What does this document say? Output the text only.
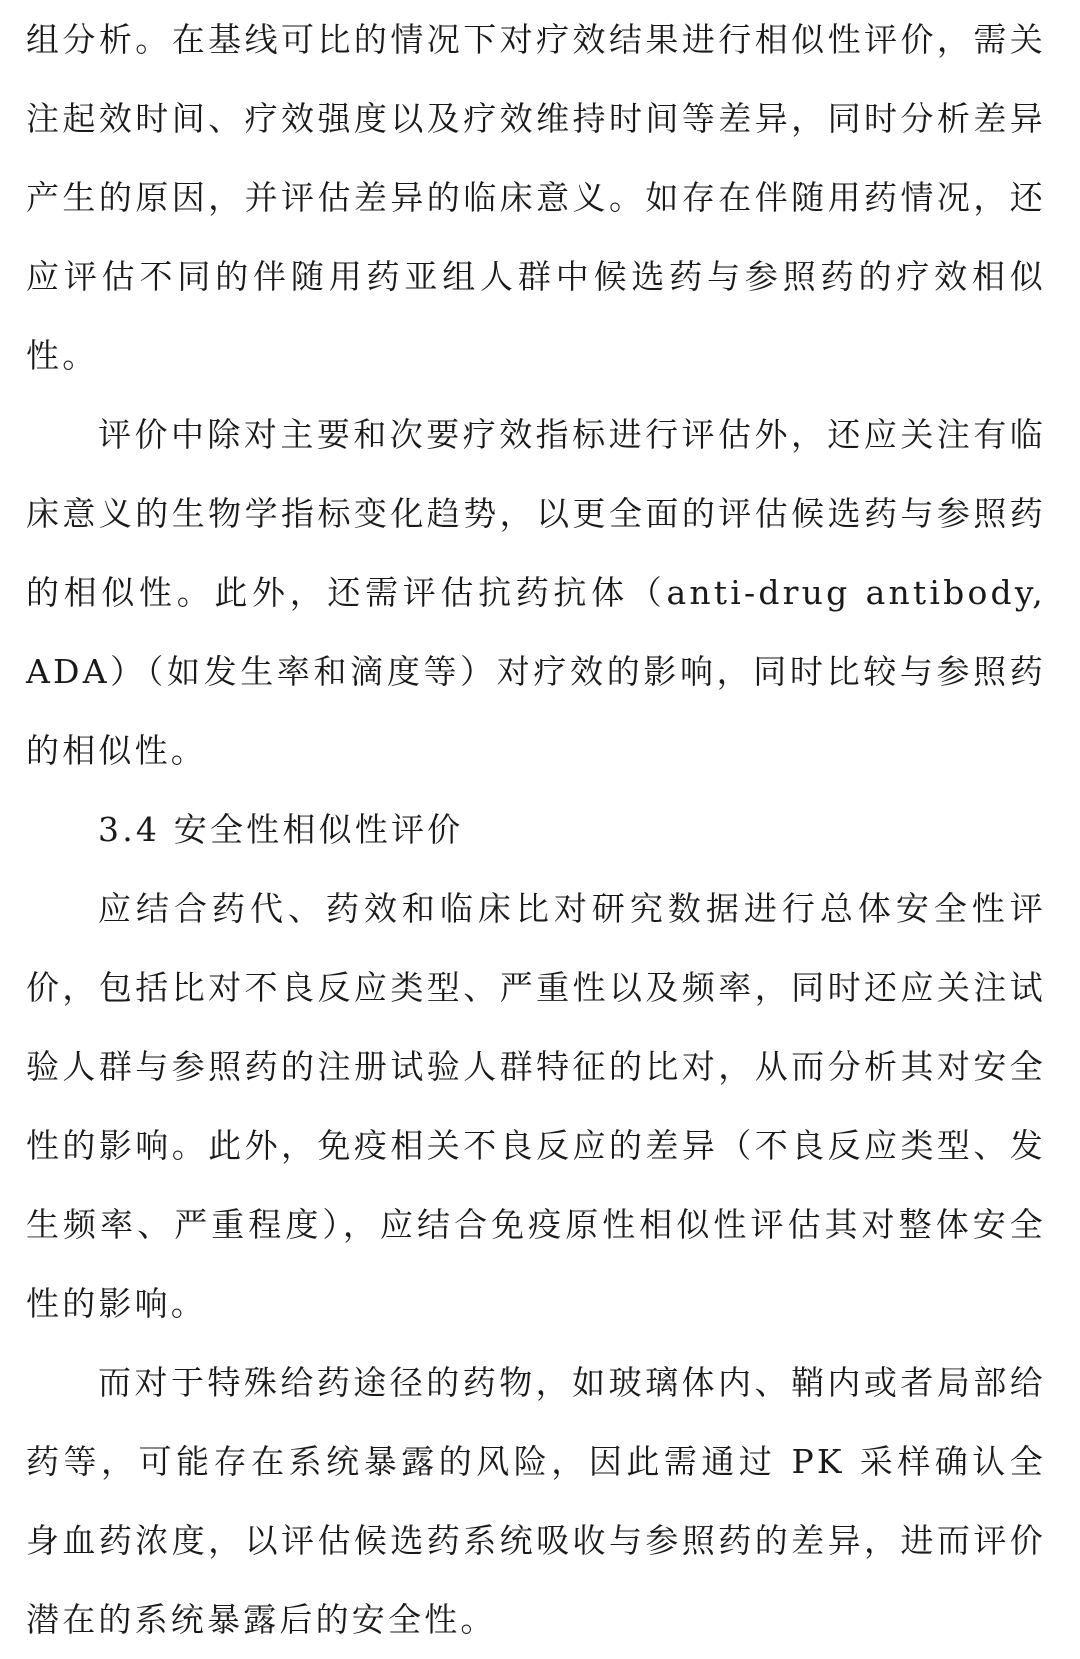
组分析。在基线可比的情况下对疗效结果进行相似性评价，需关注起效时间、疗效强度以及疗效维持时间等差异，同时分析差异产生的原因，并评估差异的临床意义。如存在伴随用药情况，还应评估不同的伴随用药亚组人群中候选药与参照药的疗效相似性。

评价中除对主要和次要疗效指标进行评估外，还应关注有临床意义的生物学指标变化趋势，以更全面的评估候选药与参照药的相似性。此外，还需评估抗药抗体（anti-drug antibody, ADA）（如发生率和滴度等）对疗效的影响，同时比较与参照药的相似性。

3.4 安全性相似性评价

应结合药代、药效和临床比对研究数据进行总体安全性评价，包括比对不良反应类型、严重性以及频率，同时还应关注试验人群与参照药的注册试验人群特征的比对，从而分析其对安全性的影响。此外，免疫相关不良反应的差异（不良反应类型、发生频率、严重程度），应结合免疫原性相似性评估其对整体安全性的影响。

而对于特殊给药途径的药物，如玻璃体内、鞘内或者局部给药等，可能存在系统暴露的风险，因此需通过 PK 采样确认全身血药浓度，以评估候选药系统吸收与参照药的差异，进而评价潜在的系统暴露后的安全性。
